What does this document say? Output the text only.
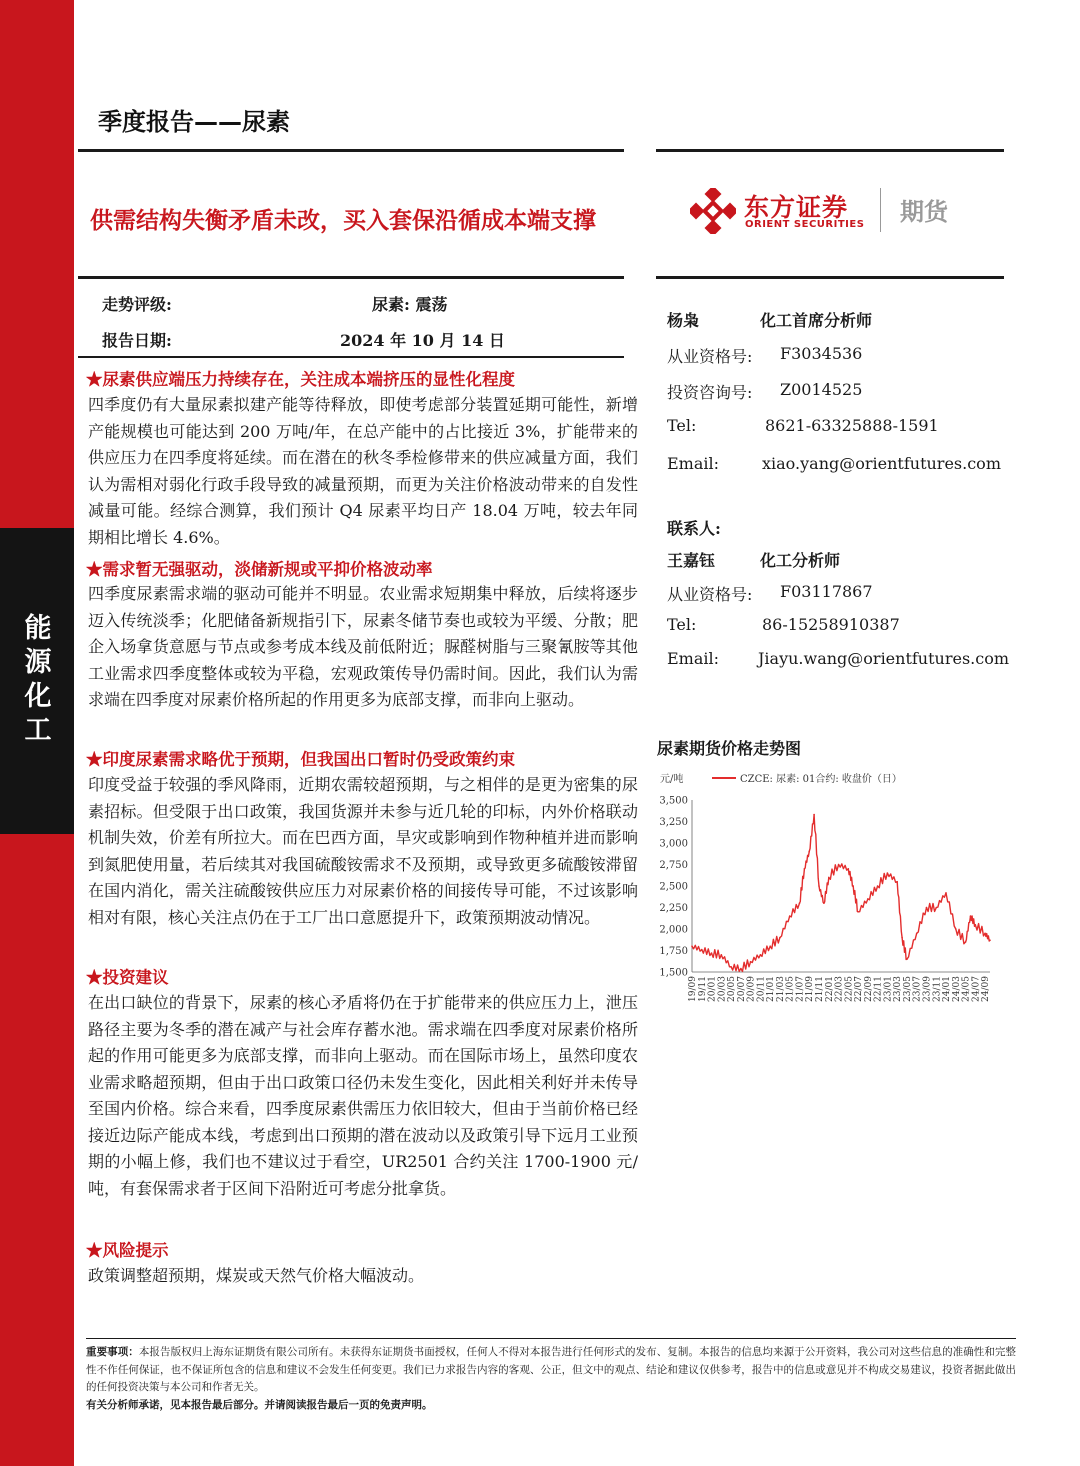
能源化工
季度报告——尿素
供需结构失衡矛盾未改，买入套保沿循成本端支撑	东方证券
ORIENT SECURITIES 期货
走势评级:	尿素: 震荡
报告日期:	2024 年 10 月 14 日
★尿素供应端压力持续存在，关注成本端挤压的显性化程度
四季度仍有大量尿素拟建产能等待释放，即使考虑部分装置延期可能性，新增产能规模也可能达到 200 万吨/年，在总产能中的占比接近 3%，扩能带来的供应压力在四季度将延续。而在潜在的秋冬季检修带来的供应减量方面，我们认为需相对弱化行政手段导致的减量预期，而更为关注价格波动带来的自发性减量可能。经综合测算，我们预计 Q4 尿素平均日产 18.04 万吨，较去年同期相比增长 4.6%。
★需求暂无强驱动，淡储新规或平抑价格波动率
四季度尿素需求端的驱动可能并不明显。农业需求短期集中释放，后续将逐步迈入传统淡季；化肥储备新规指引下，尿素冬储节奏也或较为平缓、分散；肥企入场拿货意愿与节点或参考成本线及前低附近；脲醛树脂与三聚氰胺等其他工业需求四季度整体或较为平稳，宏观政策传导仍需时间。因此，我们认为需求端在四季度对尿素价格所起的作用更多为底部支撑，而非向上驱动。
★印度尿素需求略优于预期，但我国出口暂时仍受政策约束
印度受益于较强的季风降雨，近期农需较超预期，与之相伴的是更为密集的尿素招标。但受限于出口政策，我国货源并未参与近几轮的印标，内外价格联动机制失效，价差有所拉大。而在巴西方面，旱灾或影响到作物种植并进而影响到氮肥使用量，若后续其对我国硫酸铵需求不及预期，或导致更多硫酸铵滞留在国内消化，需关注硫酸铵供应压力对尿素价格的间接传导可能，不过该影响相对有限，核心关注点仍在于工厂出口意愿提升下，政策预期波动情况。
★投资建议
在出口缺位的背景下，尿素的核心矛盾将仍在于扩能带来的供应压力上，泄压路径主要为冬季的潜在减产与社会库存蓄水池。需求端在四季度对尿素价格所起的作用可能更多为底部支撑，而非向上驱动。而在国际市场上，虽然印度农业需求略超预期，但由于出口政策口径仍未发生变化，因此相关利好并未传导至国内价格。综合来看，四季度尿素供需压力依旧较大，但由于当前价格已经接近边际产能成本线，考虑到出口预期的潜在波动以及政策引导下远月工业预期的小幅上修，我们也不建议过于看空，UR2501 合约关注 1700-1900 元/吨，有套保需求者于区间下沿附近可考虑分批拿货。
★风险提示
政策调整超预期，煤炭或天然气价格大幅波动。
杨枭	化工首席分析师
从业资格号: F3034536
投资咨询号: Z0014525
Tel:	8621-63325888-1591
Email:	xiao.yang@orientfutures.com
联系人:
王嘉钰	化工分析师
从业资格号: F03117867
Tel:	86-15258910387
Email: Jiayu.wang@orientfutures.com
尿素期货价格走势图
元/吨	CZCE: 尿素: 01合约: 收盘价（日）
1,500
1,750
2,000
2,250
2,500
2,750
3,000
3,250
3,500
19/09 19/11 20/01 20/03 20/05 20/07 20/09 20/11 21/01 21/03 21/05 21/07 21/09 21/11 22/01 22/03 22/05 22/07 22/09 22/11 23/01 23/03 23/05 23/07 23/09 23/11 24/01 24/03 24/05 24/07 24/09
重要事项：本报告版权归上海东证期货有限公司所有。未获得东证期货书面授权，任何人不得对本报告进行任何形式的发布、复制。本报告的信息均来源于公开资料，我公司对这些信息的准确性和完整性不作任何保证，也不保证所包含的信息和建议不会发生任何变更。我们已力求报告内容的客观、公正，但文中的观点、结论和建议仅供参考，报告中的信息或意见并不构成交易建议，投资者据此做出的任何投资决策与本公司和作者无关。
有关分析师承诺，见本报告最后部分。并请阅读报告最后一页的免责声明。
